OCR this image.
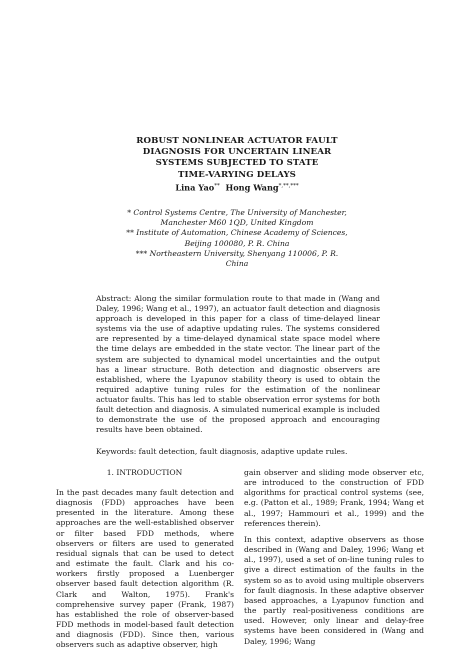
ROBUST NONLINEAR ACTUATOR FAULT
DIAGNOSIS FOR UNCERTAIN LINEAR
SYSTEMS SUBJECTED TO STATE
TIME-VARYING DELAYS
Lina Yao** Hong Wang*,**,***
* Control Systems Centre, The University of Manchester,
Manchester M60 1QD, United Kingdom
** Institute of Automation, Chinese Academy of Sciences,
Beijing 100080, P. R. China
*** Northeastern University, Shenyang 110006, P. R.
China
Abstract: Along the similar formulation route to that made in (Wang and Daley, 1996; Wang et al., 1997), an actuator fault detection and diagnosis approach is developed in this paper for a class of time-delayed linear systems via the use of adaptive updating rules. The systems considered are represented by a time-delayed dynamical state space model where the time delays are embedded in the state vector. The linear part of the system are subjected to dynamical model uncertainties and the output has a linear structure. Both detection and diagnostic observers are established, where the Lyapunov stability theory is used to obtain the required adaptive tuning rules for the estimation of the nonlinear actuator faults. This has led to stable observation error systems for both fault detection and diagnosis. A simulated numerical example is included to demonstrate the use of the proposed approach and encouraging results have been obtained.
Keywords: fault detection, fault diagnosis, adaptive update rules.
1. INTRODUCTION

In the past decades many fault detection and diagnosis (FDD) approaches have been presented in the literature. Among these approaches are the well-established observer or filter based FDD methods, where observers or filters are used to generated residual signals that can be used to detect and estimate the fault. Clark and his co-workers firstly proposed a Luenberger observer based fault detection algorithm (R. Clark and Walton, 1975). Frank's comprehensive survey paper (Frank, 1987) has established the role of observer-based FDD methods in model-based fault detection and diagnosis (FDD). Since then, various observers such as adaptive observer, high

gain observer and sliding mode observer etc, are introduced to the construction of FDD algorithms for practical control systems (see, e.g. (Patton et al., 1989; Frank, 1994; Wang et al., 1997; Hammouri et al., 1999) and the references therein).

In this context, adaptive observers as those described in (Wang and Daley, 1996; Wang et al., 1997), used a set of on-line tuning rules to give a direct estimation of the faults in the system so as to avoid using multiple observers for fault diagnosis. In these adaptive observer based approaches, a Lyapunov function and the partly real-positiveness conditions are used. However, only linear and delay-free systems have been considered in (Wang and Daley, 1996; Wang
